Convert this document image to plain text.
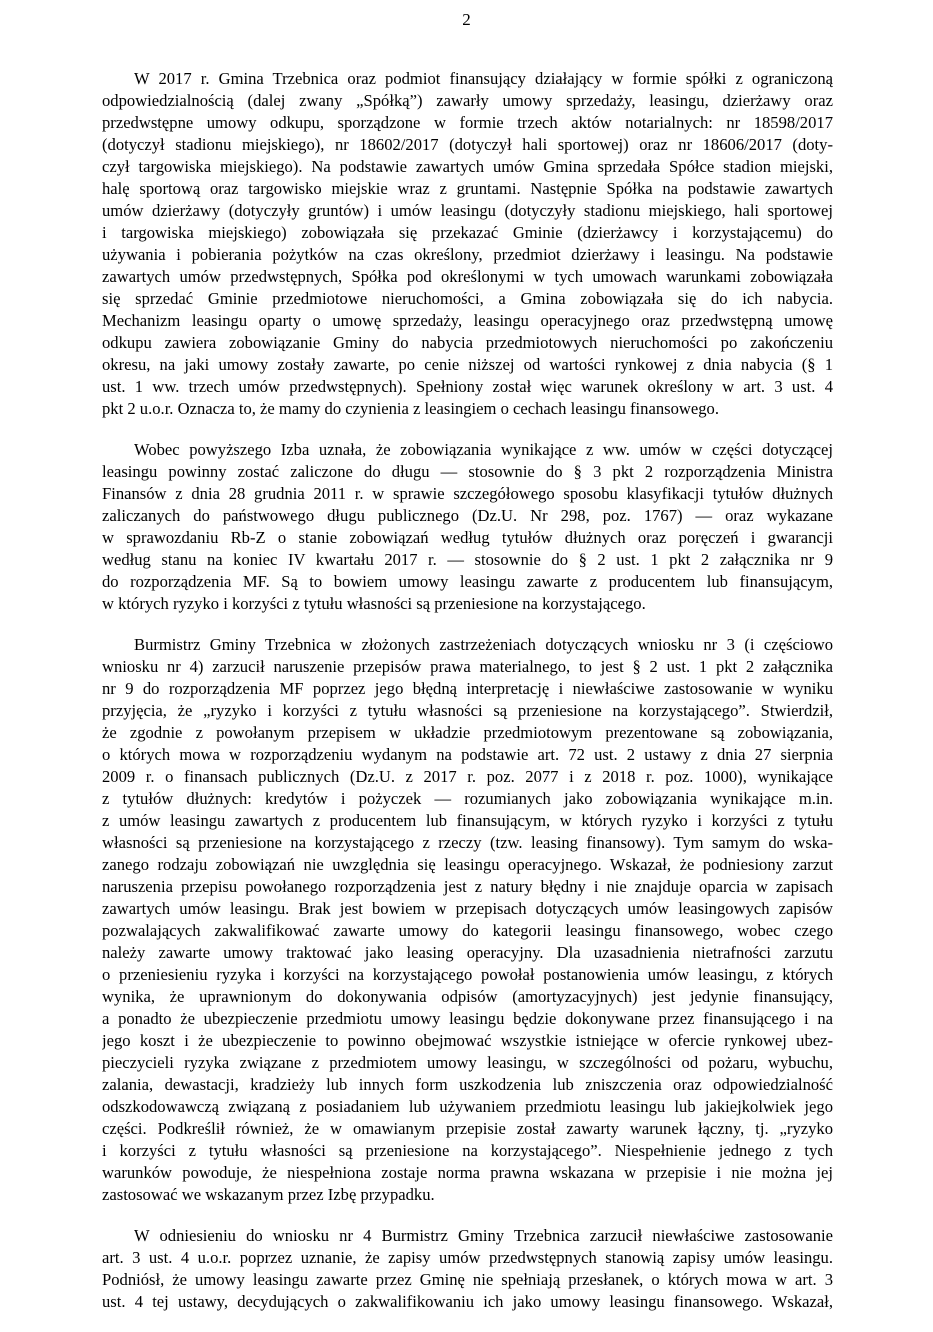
2
W 2017 r. Gmina Trzebnica oraz podmiot finansujący działający w formie spółki z ograniczoną
odpowiedzialnością (dalej zwany „Spółką”) zawarły umowy sprzedaży, leasingu, dzierżawy oraz
przedwstępne umowy odkupu, sporządzone w formie trzech aktów notarialnych: nr 18598/2017
(dotyczył stadionu miejskiego), nr 18602/2017 (dotyczył hali sportowej) oraz nr 18606/2017 (doty-
czył targowiska miejskiego). Na podstawie zawartych umów Gmina sprzedała Spółce stadion miejski,
halę sportową oraz targowisko miejskie wraz z gruntami. Następnie Spółka na podstawie zawartych
umów dzierżawy (dotyczyły gruntów) i umów leasingu (dotyczyły stadionu miejskiego, hali sportowej
i targowiska miejskiego) zobowiązała się przekazać Gminie (dzierżawcy i korzystającemu) do
używania i pobierania pożytków na czas określony, przedmiot dzierżawy i leasingu. Na podstawie
zawartych umów przedwstępnych, Spółka pod określonymi w tych umowach warunkami zobowiązała
się sprzedać Gminie przedmiotowe nieruchomości, a Gmina zobowiązała się do ich nabycia.
Mechanizm leasingu oparty o umowę sprzedaży, leasingu operacyjnego oraz przedwstępną umowę
odkupu zawiera zobowiązanie Gminy do nabycia przedmiotowych nieruchomości po zakończeniu
okresu, na jaki umowy zostały zawarte, po cenie niższej od wartości rynkowej z dnia nabycia (§ 1
ust. 1 ww. trzech umów przedwstępnych). Spełniony został więc warunek określony w art. 3 ust. 4
pkt 2 u.o.r. Oznacza to, że mamy do czynienia z leasingiem o cechach leasingu finansowego.
Wobec powyższego Izba uznała, że zobowiązania wynikające z ww. umów w części dotyczącej
leasingu powinny zostać zaliczone do długu — stosownie do § 3 pkt 2 rozporządzenia Ministra
Finansów z dnia 28 grudnia 2011 r. w sprawie szczegółowego sposobu klasyfikacji tytułów dłużnych
zaliczanych do państwowego długu publicznego (Dz.U. Nr 298, poz. 1767) — oraz wykazane
w sprawozdaniu Rb-Z o stanie zobowiązań według tytułów dłużnych oraz poręczeń i gwarancji
według stanu na koniec IV kwartału 2017 r. — stosownie do § 2 ust. 1 pkt 2 załącznika nr 9
do rozporządzenia MF. Są to bowiem umowy leasingu zawarte z producentem lub finansującym,
w których ryzyko i korzyści z tytułu własności są przeniesione na korzystającego.
Burmistrz Gminy Trzebnica w złożonych zastrzeżeniach dotyczących wniosku nr 3 (i częściowo
wniosku nr 4) zarzucił naruszenie przepisów prawa materialnego, to jest § 2 ust. 1 pkt 2 załącznika
nr 9 do rozporządzenia MF poprzez jego błędną interpretację i niewłaściwe zastosowanie w wyniku
przyjęcia, że „ryzyko i korzyści z tytułu własności są przeniesione na korzystającego”. Stwierdził,
że zgodnie z powołanym przepisem w układzie przedmiotowym prezentowane są zobowiązania,
o których mowa w rozporządzeniu wydanym na podstawie art. 72 ust. 2 ustawy z dnia 27 sierpnia
2009 r. o finansach publicznych (Dz.U. z 2017 r. poz. 2077 i z 2018 r. poz. 1000), wynikające
z tytułów dłużnych: kredytów i pożyczek — rozumianych jako zobowiązania wynikające m.in.
z umów leasingu zawartych z producentem lub finansującym, w których ryzyko i korzyści z tytułu
własności są przeniesione na korzystającego z rzeczy (tzw. leasing finansowy). Tym samym do wska-
zanego rodzaju zobowiązań nie uwzględnia się leasingu operacyjnego. Wskazał, że podniesiony zarzut
naruszenia przepisu powołanego rozporządzenia jest z natury błędny i nie znajduje oparcia w zapisach
zawartych umów leasingu. Brak jest bowiem w przepisach dotyczących umów leasingowych zapisów
pozwalających zakwalifikować zawarte umowy do kategorii leasingu finansowego, wobec czego
należy zawarte umowy traktować jako leasing operacyjny. Dla uzasadnienia nietrafności zarzutu
o przeniesieniu ryzyka i korzyści na korzystającego powołał postanowienia umów leasingu, z których
wynika, że uprawnionym do dokonywania odpisów (amortyzacyjnych) jest jedynie finansujący,
a ponadto że ubezpieczenie przedmiotu umowy leasingu będzie dokonywane przez finansującego i na
jego koszt i że ubezpieczenie to powinno obejmować wszystkie istniejące w ofercie rynkowej ubez-
pieczycieli ryzyka związane z przedmiotem umowy leasingu, w szczególności od pożaru, wybuchu,
zalania, dewastacji, kradzieży lub innych form uszkodzenia lub zniszczenia oraz odpowiedzialność
odszkodowawczą związaną z posiadaniem lub używaniem przedmiotu leasingu lub jakiejkolwiek jego
części. Podkreślił również, że w omawianym przepisie został zawarty warunek łączny, tj. „ryzyko
i korzyści z tytułu własności są przeniesione na korzystającego”. Niespełnienie jednego z tych
warunków powoduje, że niespełniona zostaje norma prawna wskazana w przepisie i nie można jej
zastosować we wskazanym przez Izbę przypadku.
W odniesieniu do wniosku nr 4 Burmistrz Gminy Trzebnica zarzucił niewłaściwe zastosowanie
art. 3 ust. 4 u.o.r. poprzez uznanie, że zapisy umów przedwstępnych stanowią zapisy umów leasingu.
Podniósł, że umowy leasingu zawarte przez Gminę nie spełniają przesłanek, o których mowa w art. 3
ust. 4 tej ustawy, decydujących o zakwalifikowaniu ich jako umowy leasingu finansowego. Wskazał,
